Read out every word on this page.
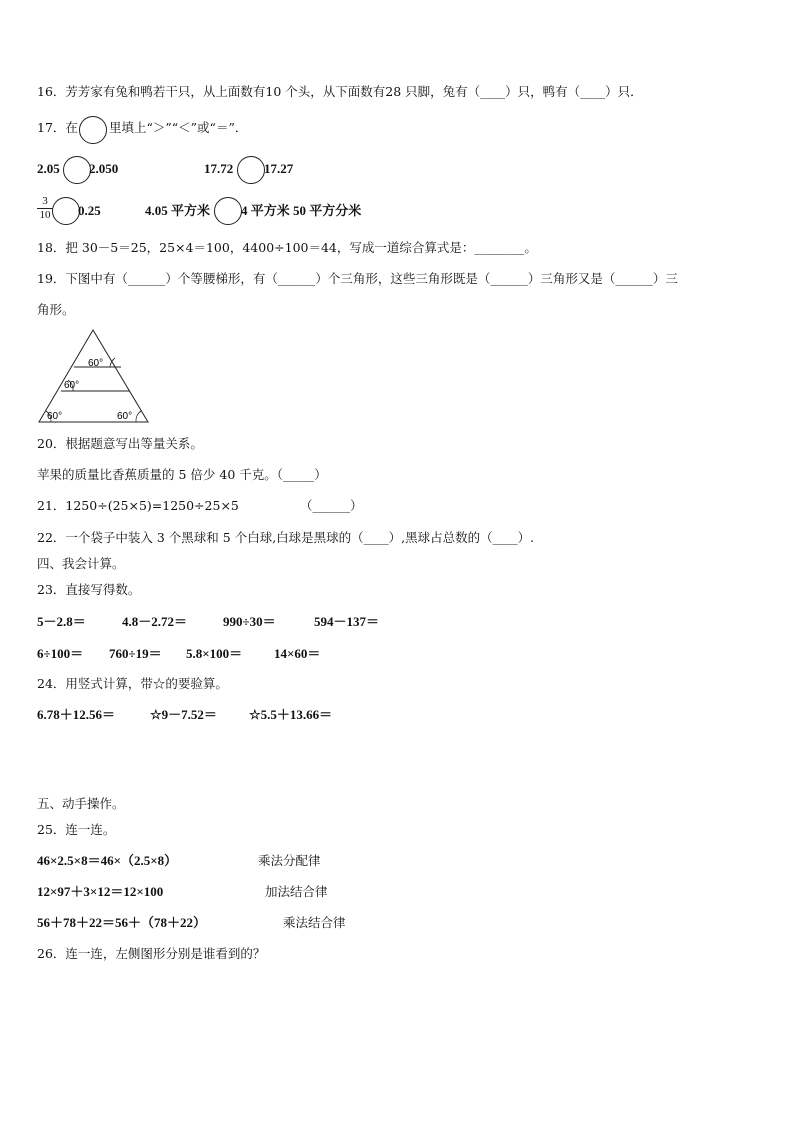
16．芳芳家有兔和鸭若干只，从上面数有10 个头，从下面数有28 只脚，兔有（____）只，鸭有（____）只．
17．在 里填上“＞”“＜”或“＝”．
2.05 2.050	17.72 17.27
3
10 0.25	4.05 平方米 4 平方米 50 平方分米
18．把 30－5＝25，25×4＝100，4400÷100＝44，写成一道综合算式是：________。
19．下图中有（______）个等腰梯形，有（______）个三角形，这些三角形既是（______）三角形又是（______）三
角形。
60°
60°
60°	60°
20．根据题意写出等量关系。
苹果的质量比香蕉质量的 5 倍少 40 千克。（_____）
21．1250÷(25×5)=1250÷25×5	（______）
22．一个袋子中装入 3 个黑球和 5 个白球,白球是黑球的（____）,黑球占总数的（____）.
四、我会计算。
23．直接写得数。
5－2.8＝	4.8－2.72＝	990÷30＝	594－137＝
6÷100＝ 760÷19＝ 5.8×100＝ 14×60＝
24．用竖式计算，带☆的要验算。
6.78＋12.56＝	☆9－7.52＝ ☆5.5＋13.66＝
五、动手操作。
25．连一连。
46×2.5×8＝46×（2.5×8）	乘法分配律
12×97＋3×12＝12×100	加法结合律
56＋78＋22＝56＋（78＋22）	乘法结合律
26．连一连，左侧图形分别是谁看到的？
